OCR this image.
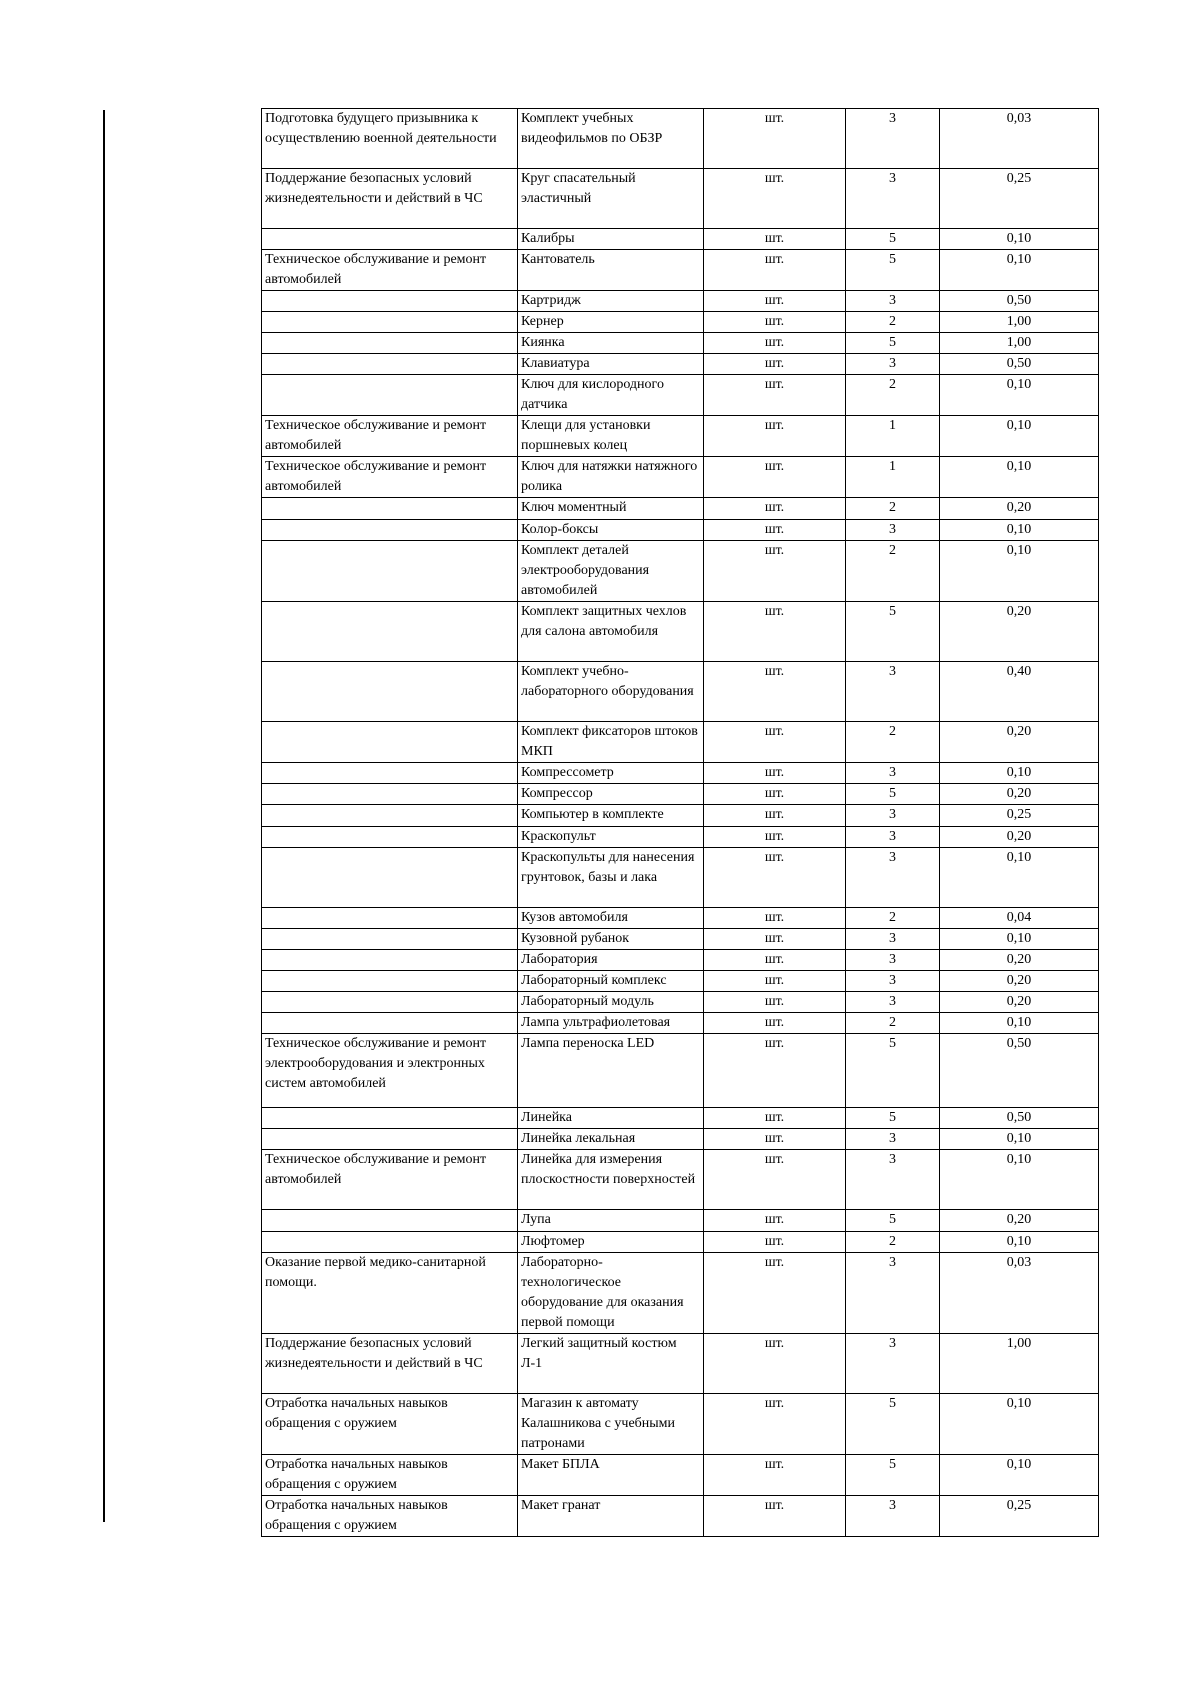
Подготовка будущего призывника к осуществлению военной деятельности	Комплект учебных видеофильмов по ОБЗР	шт.	3	0,03
Поддержание безопасных условий жизнедеятельности и действий в ЧС	Круг спасательный эластичный	шт.	3	0,25
	Калибры	шт.	5	0,10
Техническое обслуживание и ремонт автомобилей	Кантователь	шт.	5	0,10
	Картридж	шт.	3	0,50
	Кернер	шт.	2	1,00
	Киянка	шт.	5	1,00
	Клавиатура	шт.	3	0,50
	Ключ для кислородного датчика	шт.	2	0,10
Техническое обслуживание и ремонт автомобилей	Клещи для установки поршневых колец	шт.	1	0,10
Техническое обслуживание и ремонт автомобилей	Ключ для натяжки натяжного ролика	шт.	1	0,10
	Ключ моментный	шт.	2	0,20
	Колор-боксы	шт.	3	0,10
	Комплект деталей электрооборудования автомобилей	шт.	2	0,10
	Комплект защитных чехлов для салона автомобиля	шт.	5	0,20
	Комплект учебно-лабораторного оборудования	шт.	3	0,40
	Комплект фиксаторов штоков МКП	шт.	2	0,20
	Компрессометр	шт.	3	0,10
	Компрессор	шт.	5	0,20
	Компьютер в комплекте	шт.	3	0,25
	Краскопульт	шт.	3	0,20
	Краскопульты для нанесения грунтовок, базы и лака	шт.	3	0,10
	Кузов автомобиля	шт.	2	0,04
	Кузовной рубанок	шт.	3	0,10
	Лаборатория	шт.	3	0,20
	Лабораторный комплекс	шт.	3	0,20
	Лабораторный модуль	шт.	3	0,20
	Лампа ультрафиолетовая	шт.	2	0,10
Техническое обслуживание и ремонт электрооборудования и электронных систем автомобилей	Лампа переноска LED	шт.	5	0,50
	Линейка	шт.	5	0,50
	Линейка лекальная	шт.	3	0,10
Техническое обслуживание и ремонт автомобилей	Линейка для измерения плоскостности поверхностей	шт.	3	0,10
	Лупа	шт.	5	0,20
	Люфтомер	шт.	2	0,10
Оказание первой медико-санитарной помощи.	Лабораторно-технологическое оборудование для оказания первой помощи	шт.	3	0,03
Поддержание безопасных условий жизнедеятельности и действий в ЧС	Легкий защитный костюм Л-1	шт.	3	1,00
Отработка начальных навыков обращения с оружием	Магазин к автомату Калашникова с учебными патронами	шт.	5	0,10
Отработка начальных навыков обращения с оружием	Макет БПЛА	шт.	5	0,10
Отработка начальных навыков обращения с оружием	Макет гранат	шт.	3	0,25
